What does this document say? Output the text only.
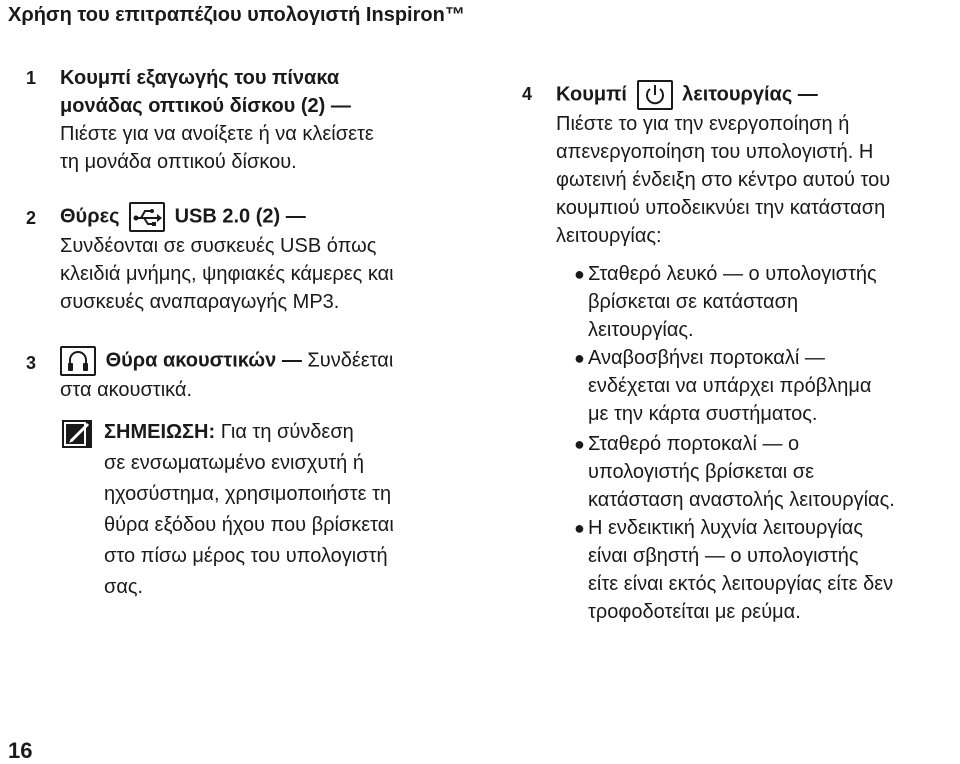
Χρήση του επιτραπέζιου υπολογιστή Inspiron™
1 Κουμπί εξαγωγής του πίνακα
μονάδας οπτικού δίσκου (2) —
Πιέστε για να ανοίξετε ή να κλείσετε
τη μονάδα οπτικού δίσκου.
2 Θύρες	USB 2.0 (2) —
Συνδέονται σε συσκευές USB όπως
κλειδιά μνήμης, ψηφιακές κάμερες και
συσκευές αναπαραγωγής MP3.
3	Θύρα ακουστικών — Συνδέεται
στα ακουστικά.
ΣΗΜΕΙΩΣΗ: Για τη σύνδεση
σε ενσωματωμένο ενισχυτή ή
ηχοσύστημα, χρησιμοποιήστε τη
θύρα εξόδου ήχου που βρίσκεται
στο πίσω μέρος του υπολογιστή
σας.
4 Κουμπί	λειτουργίας —
Πιέστε το για την ενεργοποίηση ή
απενεργοποίηση του υπολογιστή. Η
φωτεινή ένδειξη στο κέντρο αυτού του
κουμπιού υποδεικνύει την κατάσταση
λειτουργίας:
● Σταθερό λευκό — ο υπολογιστής
βρίσκεται σε κατάσταση
λειτουργίας.
● Αναβοσβήνει πορτοκαλί —
ενδέχεται να υπάρχει πρόβλημα
με την κάρτα συστήματος.
● Σταθερό πορτοκαλί — ο
υπολογιστής βρίσκεται σε
κατάσταση αναστολής λειτουργίας.
● Η ενδεικτική λυχνία λειτουργίας
είναι σβηστή — ο υπολογιστής
είτε είναι εκτός λειτουργίας είτε δεν
τροφοδοτείται με ρεύμα.
16
